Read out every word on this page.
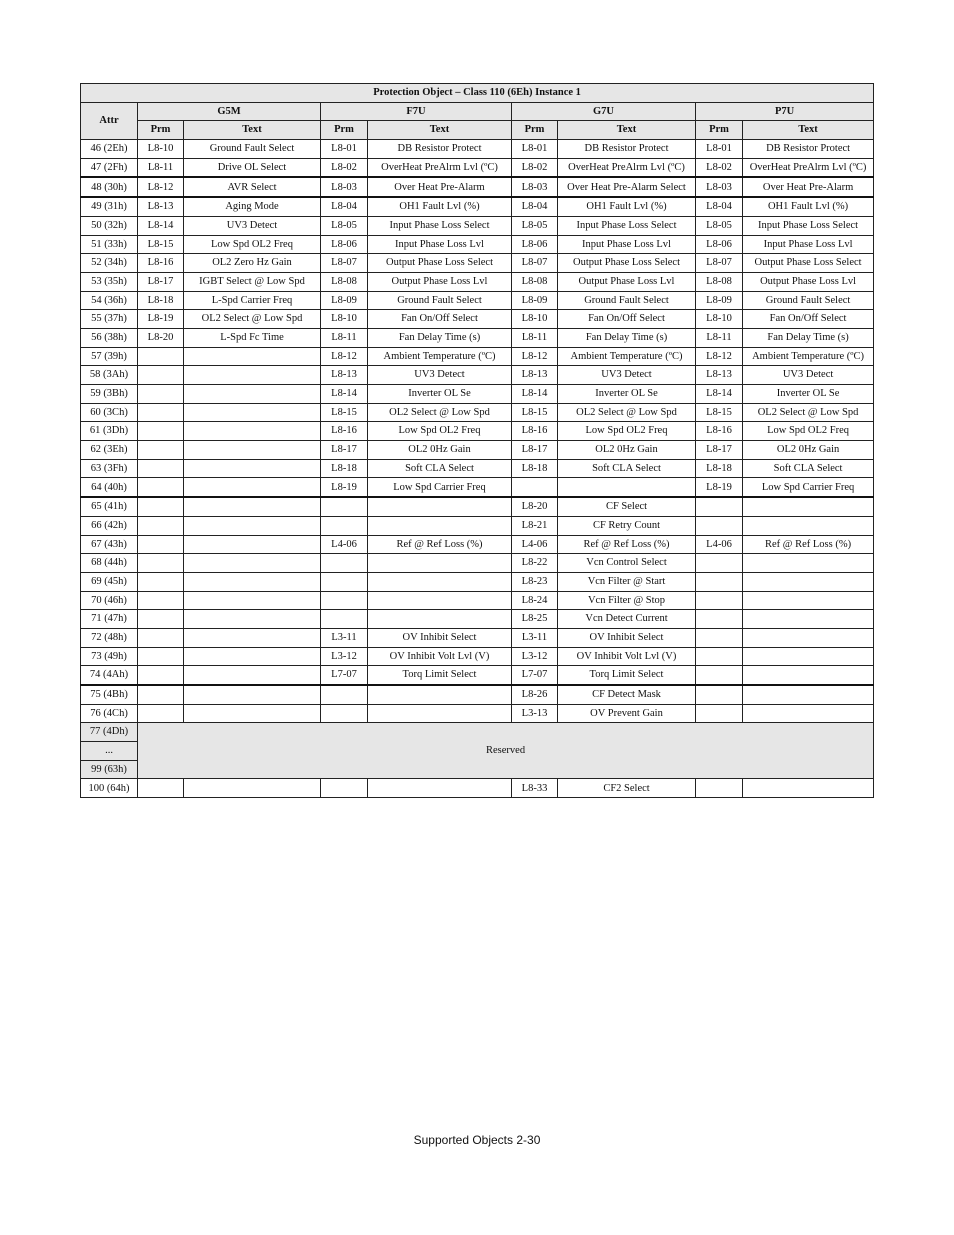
Protection Object – Class 110 (6Eh) Instance 1								
Attr	G5M		F7U		G7U		P7U	
	Prm	Text	Prm	Text	Prm	Text	Prm	Text
46 (2Eh)	L8-10	Ground Fault Select	L8-01	DB Resistor Protect	L8-01	DB Resistor Protect	L8-01	DB Resistor Protect
47 (2Fh)	L8-11	Drive OL Select	L8-02	OverHeat PreAlrm Lvl (ºC)	L8-02	OverHeat PreAlrm Lvl (ºC)	L8-02	OverHeat PreAlrm Lvl (ºC)
48 (30h)	L8-12	AVR Select	L8-03	Over Heat Pre-Alarm	L8-03	Over Heat Pre-Alarm Select	L8-03	Over Heat Pre-Alarm
49 (31h)	L8-13	Aging Mode	L8-04	OH1 Fault Lvl (%)	L8-04	OH1 Fault Lvl (%)	L8-04	OH1 Fault Lvl (%)
50 (32h)	L8-14	UV3 Detect	L8-05	Input Phase Loss Select	L8-05	Input Phase Loss Select	L8-05	Input Phase Loss Select
51 (33h)	L8-15	Low Spd OL2 Freq	L8-06	Input Phase Loss Lvl	L8-06	Input Phase Loss Lvl	L8-06	Input Phase Loss Lvl
52 (34h)	L8-16	OL2 Zero Hz Gain	L8-07	Output Phase Loss Select	L8-07	Output Phase Loss Select	L8-07	Output Phase Loss Select
53 (35h)	L8-17	IGBT Select @ Low Spd	L8-08	Output Phase Loss Lvl	L8-08	Output Phase Loss Lvl	L8-08	Output Phase Loss Lvl
54 (36h)	L8-18	L-Spd Carrier Freq	L8-09	Ground Fault Select	L8-09	Ground Fault Select	L8-09	Ground Fault Select
55 (37h)	L8-19	OL2 Select @ Low Spd	L8-10	Fan On/Off Select	L8-10	Fan On/Off Select	L8-10	Fan On/Off Select
56 (38h)	L8-20	L-Spd Fc Time	L8-11	Fan Delay Time (s)	L8-11	Fan Delay Time (s)	L8-11	Fan Delay Time (s)
57 (39h)			L8-12	Ambient Temperature (ºC)	L8-12	Ambient Temperature (ºC)	L8-12	Ambient Temperature (ºC)
58 (3Ah)			L8-13	UV3 Detect	L8-13	UV3 Detect	L8-13	UV3 Detect
59 (3Bh)			L8-14	Inverter OL Se	L8-14	Inverter OL Se	L8-14	Inverter OL Se
60 (3Ch)			L8-15	OL2 Select @ Low Spd	L8-15	OL2 Select @ Low Spd	L8-15	OL2 Select @ Low Spd
61 (3Dh)			L8-16	Low Spd OL2 Freq	L8-16	Low Spd OL2 Freq	L8-16	Low Spd OL2 Freq
62 (3Eh)			L8-17	OL2 0Hz Gain	L8-17	OL2 0Hz Gain	L8-17	OL2 0Hz Gain
63 (3Fh)			L8-18	Soft CLA Select	L8-18	Soft CLA Select	L8-18	Soft CLA Select
64 (40h)			L8-19	Low Spd Carrier Freq			L8-19	Low Spd Carrier Freq
65 (41h)					L8-20	CF Select		
66 (42h)					L8-21	CF Retry Count		
67 (43h)			L4-06	Ref @ Ref Loss (%)	L4-06	Ref @ Ref Loss (%)	L4-06	Ref @ Ref Loss (%)
68 (44h)					L8-22	Vcn Control Select		
69 (45h)					L8-23	Vcn Filter @ Start		
70 (46h)					L8-24	Vcn Filter @ Stop		
71 (47h)					L8-25	Vcn Detect Current		
72 (48h)			L3-11	OV Inhibit Select	L3-11	OV Inhibit Select		
73 (49h)			L3-12	OV Inhibit Volt Lvl (V)	L3-12	OV Inhibit Volt Lvl (V)		
74 (4Ah)			L7-07	Torq Limit Select	L7-07	Torq Limit Select		
75 (4Bh)					L8-26	CF Detect Mask		
76 (4Ch)					L3-13	OV Prevent Gain		
77 (4Dh)	Reserved							
...								
99 (63h)								
100 (64h)					L8-33	CF2 Select		
Supported Objects 2-30
